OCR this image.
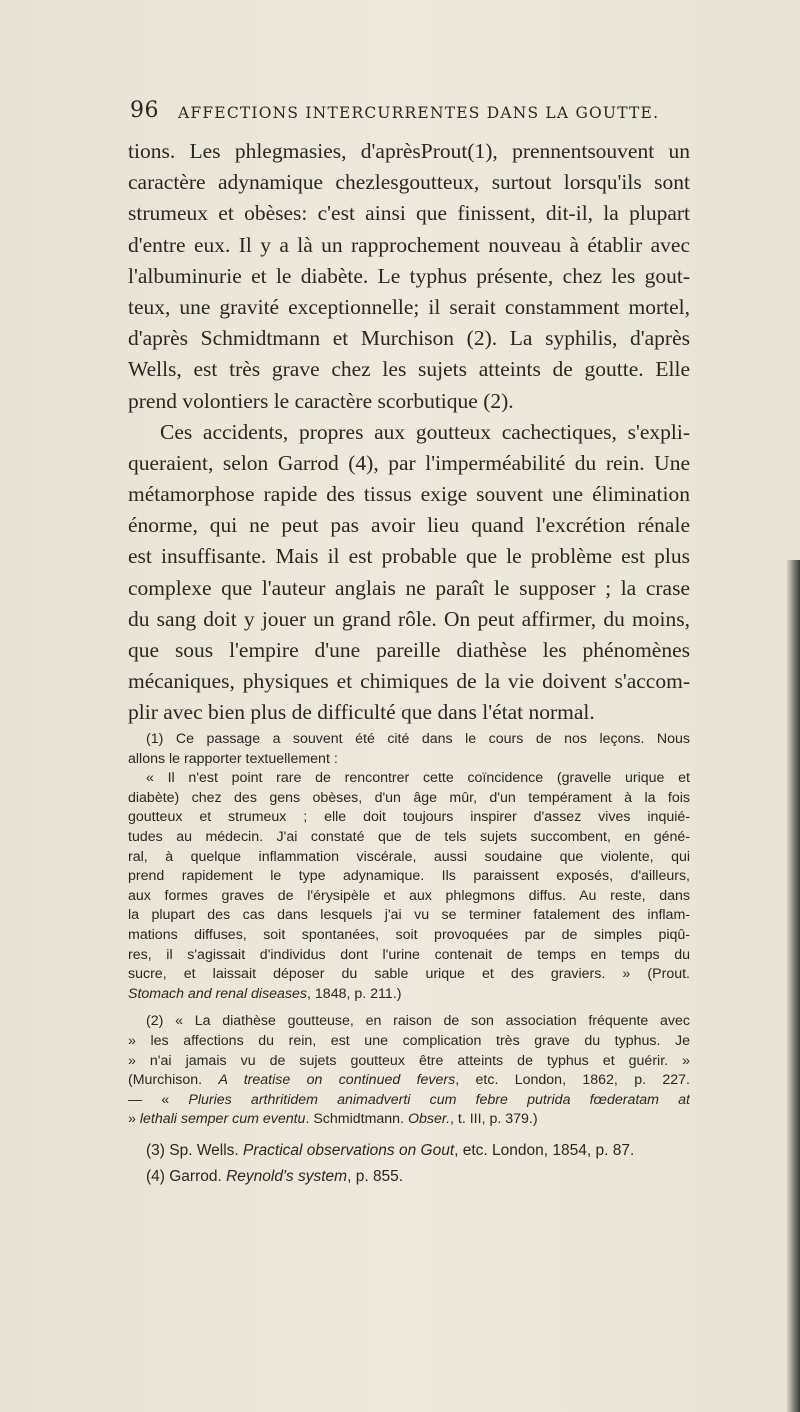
96 AFFECTIONS INTERCURRENTES DANS LA GOUTTE.
tions. Les phlegmasies, d'aprèsProut(1), prennentsouvent un
caractère adynamique chezlesgoutteux, surtout lorsqu'ils sont
strumeux et obèses: c'est ainsi que finissent, dit-il, la plupart
d'entre eux. Il y a là un rapprochement nouveau à établir avec
l'albuminurie et le diabète. Le typhus présente, chez les gout-
teux, une gravité exceptionnelle; il serait constamment mortel,
d'après Schmidtmann et Murchison (2). La syphilis, d'après
Wells, est très grave chez les sujets atteints de goutte. Elle
prend volontiers le caractère scorbutique (2).
Ces accidents, propres aux goutteux cachectiques, s'expli-
queraient, selon Garrod (4), par l'imperméabilité du rein. Une
métamorphose rapide des tissus exige souvent une élimination
énorme, qui ne peut pas avoir lieu quand l'excrétion rénale
est insuffisante. Mais il est probable que le problème est plus
complexe que l'auteur anglais ne paraît le supposer ; la crase
du sang doit y jouer un grand rôle. On peut affirmer, du moins,
que sous l'empire d'une pareille diathèse les phénomènes
mécaniques, physiques et chimiques de la vie doivent s'accom-
plir avec bien plus de difficulté que dans l'état normal.
(1) Ce passage a souvent été cité dans le cours de nos leçons. Nous
allons le rapporter textuellement :
« Il n'est point rare de rencontrer cette coïncidence (gravelle urique et
diabète) chez des gens obèses, d'un âge mûr, d'un tempérament à la fois
goutteux et strumeux ; elle doit toujours inspirer d'assez vives inquié-
tudes au médecin. J'ai constaté que de tels sujets succombent, en géné-
ral, à quelque inflammation viscérale, aussi soudaine que violente, qui
prend rapidement le type adynamique. Ils paraissent exposés, d'ailleurs,
aux formes graves de l'érysipèle et aux phlegmons diffus. Au reste, dans
la plupart des cas dans lesquels j'ai vu se terminer fatalement des inflam-
mations diffuses, soit spontanées, soit provoquées par de simples piqû-
res, il s'agissait d'individus dont l'urine contenait de temps en temps du
sucre, et laissait déposer du sable urique et des graviers. » (Prout.
Stomach and renal diseases, 1848, p. 211.)
(2) « La diathèse goutteuse, en raison de son association fréquente avec
» les affections du rein, est une complication très grave du typhus. Je
» n'ai jamais vu de sujets goutteux être atteints de typhus et guérir. »
(Murchison. A treatise on continued fevers, etc. London, 1862, p. 227.
— « Pluries arthritidem animadverti cum febre putrida fœderatam at
» lethali semper cum eventu. Schmidtmann. Obser., t. III, p. 379.)
(3) Sp. Wells. Practical observations on Gout, etc. London, 1854, p. 87.
(4) Garrod. Reynold's system, p. 855.
